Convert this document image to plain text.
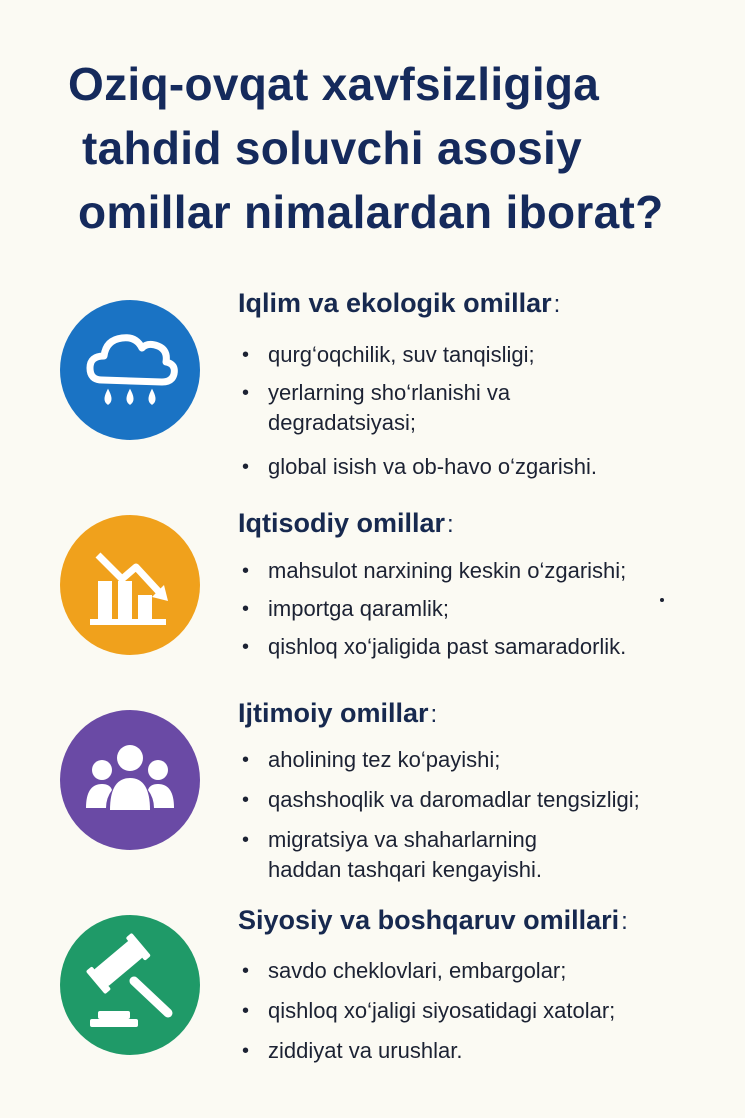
Oziq-ovqat xavfsizligiga
tahdid soluvchi asosiy
omillar nimalardan iborat?
Iqlim va ekologik omillar:
• qurg‘oqchilik, suv tanqisligi;
• yerlarning sho‘rlanishi va
degradatsiyasi;
• global isish va ob-havo o‘zgarishi.
Iqtisodiy omillar:
• mahsulot narxining keskin o‘zgarishi;
• importga qaramlik;
• qishloq xo‘jaligida past samaradorlik.
Ijtimoiy omillar:
• aholining tez ko‘payishi;
• qashshoqlik va daromadlar tengsizligi;
• migratsiya va shaharlarning
haddan tashqari kengayishi.
Siyosiy va boshqaruv omillari:
• savdo cheklovlari, embargolar;
• qishloq xo‘jaligi siyosatidagi xatolar;
• ziddiyat va urushlar.
